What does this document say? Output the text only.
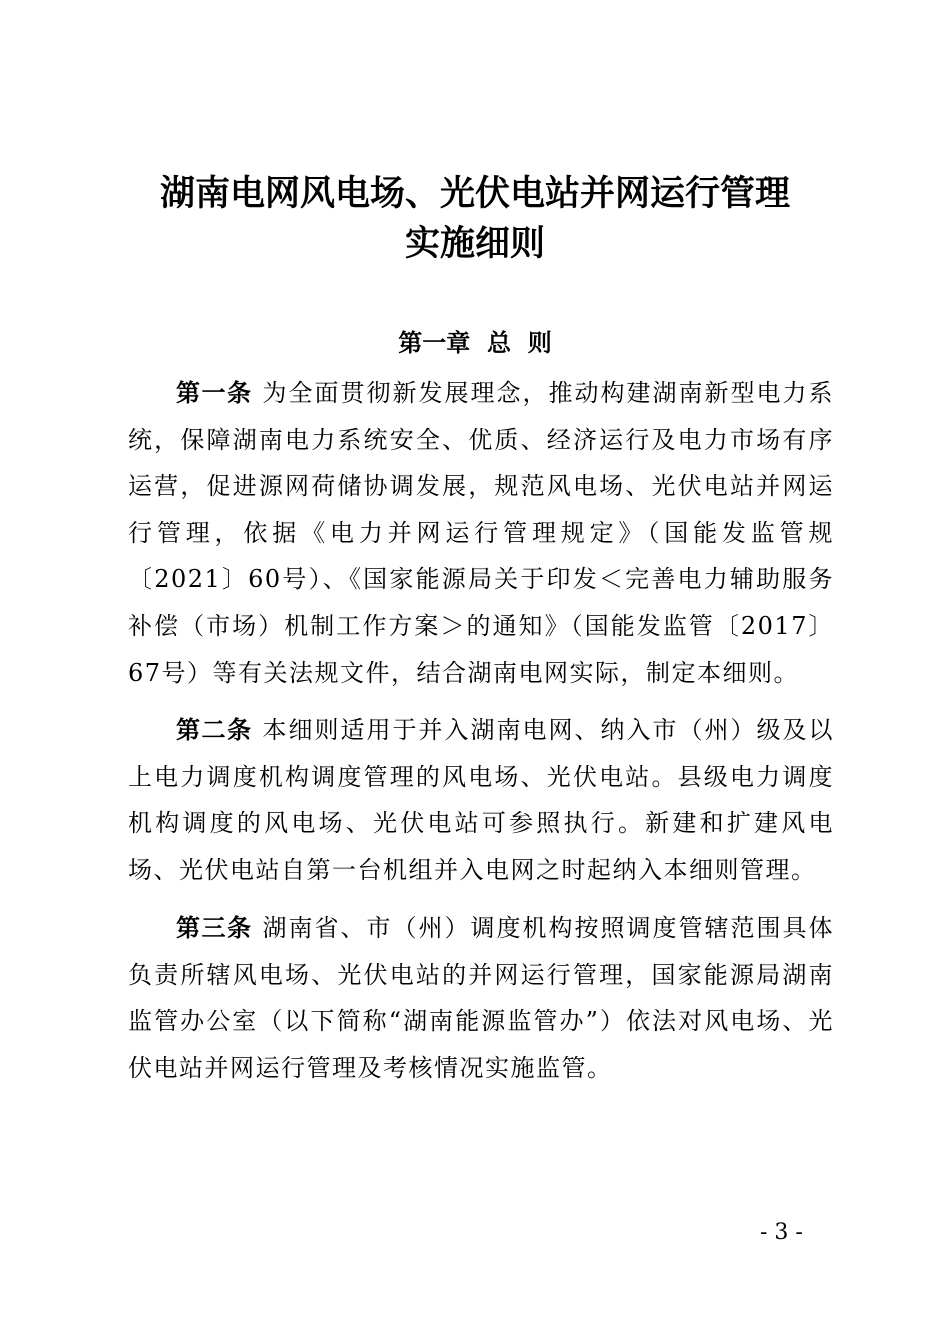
湖南电网风电场、光伏电站并网运行管理
实施细则
第一章  总  则
第一条 为全面贯彻新发展理念，推动构建湖南新型电力系统，保障湖南电力系统安全、优质、经济运行及电力市场有序运营，促进源网荷储协调发展，规范风电场、光伏电站并网运行管理，依据《电力并网运行管理规定》（国能发监管规〔2021〕60号）、《国家能源局关于印发＜完善电力辅助服务补偿（市场）机制工作方案＞的通知》（国能发监管〔2017〕67号）等有关法规文件，结合湖南电网实际，制定本细则。
第二条 本细则适用于并入湖南电网、纳入市（州）级及以上电力调度机构调度管理的风电场、光伏电站。县级电力调度机构调度的风电场、光伏电站可参照执行。新建和扩建风电场、光伏电站自第一台机组并入电网之时起纳入本细则管理。
第三条 湖南省、市（州）调度机构按照调度管辖范围具体负责所辖风电场、光伏电站的并网运行管理，国家能源局湖南监管办公室（以下简称“湖南能源监管办”）依法对风电场、光伏电站并网运行管理及考核情况实施监管。
- 3 -
